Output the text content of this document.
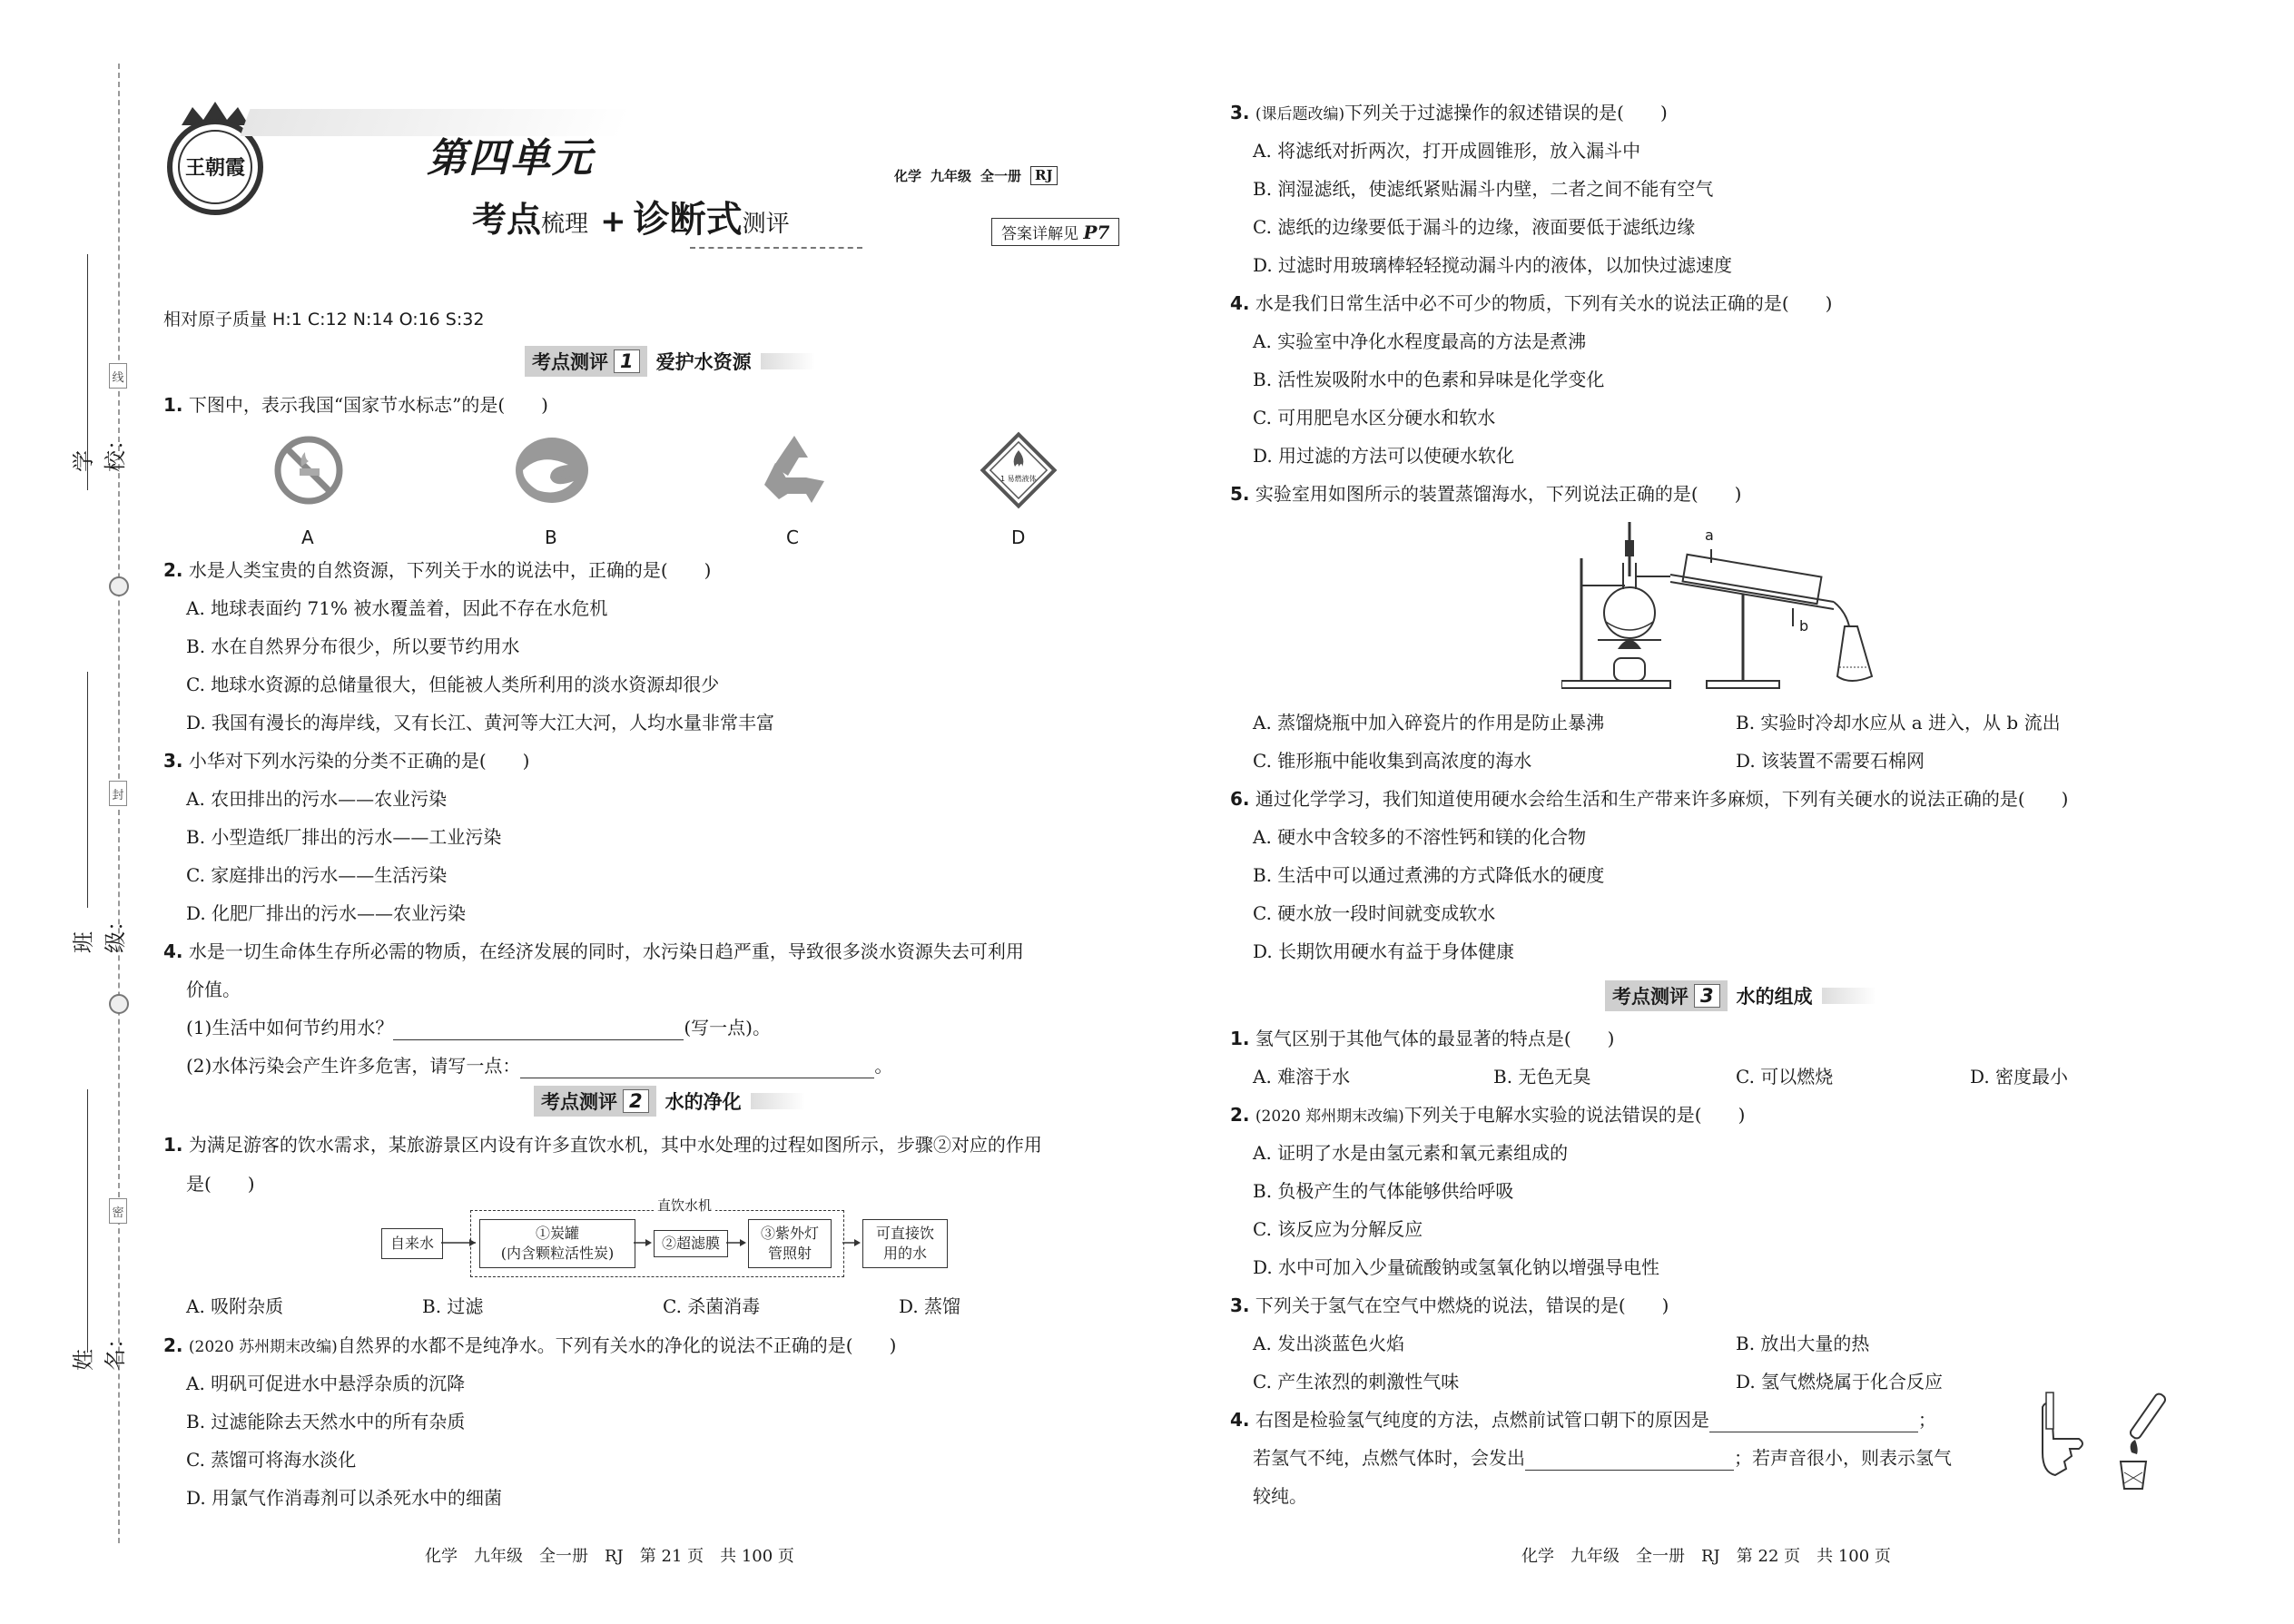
学校：
班级：
姓名：
线
封
密
王朝霞	第四单元
考点梳理 + 诊断式测评
化学 九年级 全一册	RJ
答案详解见 P7
相对原子质量 H:1 C:12 N:14 O:16 S:32
考点测评 1	爱护水资源
1. 下图中，表示我国“国家节水标志”的是(　　)
1 易燃液体
A	B	C	D
2. 水是人类宝贵的自然资源，下列关于水的说法中，正确的是(　　)
A. 地球表面约 71% 被水覆盖着，因此不存在水危机
B. 水在自然界分布很少，所以要节约用水
C. 地球水资源的总储量很大，但能被人类所利用的淡水资源却很少
D. 我国有漫长的海岸线，又有长江、黄河等大江大河，人均水量非常丰富
3. 小华对下列水污染的分类不正确的是(　　)
A. 农田排出的污水——农业污染
B. 小型造纸厂排出的污水——工业污染
C. 家庭排出的污水——生活污染
D. 化肥厂排出的污水——农业污染
4. 水是一切生命体生存所必需的物质，在经济发展的同时，水污染日趋严重，导致很多淡水资源失去可利用
价值。
(1)生活中如何节约用水？	(写一点)。
(2)水体污染会产生许多危害，请写一点：	。
考点测评 2	水的净化
1. 为满足游客的饮水需求，某旅游景区内设有许多直饮水机，其中水处理的过程如图所示，步骤②对应的作用
是(　　)
直饮水机
自来水
①炭罐
(内含颗粒活性炭)
②超滤膜
③紫外灯
管照射
可直接饮
用的水
A. 吸附杂质	B. 过滤	C. 杀菌消毒	D. 蒸馏
2. (2020 苏州期末改编)自然界的水都不是纯净水。下列有关水的净化的说法不正确的是(　　)
A. 明矾可促进水中悬浮杂质的沉降
B. 过滤能除去天然水中的所有杂质
C. 蒸馏可将海水淡化
D. 用氯气作消毒剂可以杀死水中的细菌
化学　九年级　全一册　RJ　第 21 页　共 100 页
3. (课后题改编)下列关于过滤操作的叙述错误的是(　　)
A. 将滤纸对折两次，打开成圆锥形，放入漏斗中
B. 润湿滤纸，使滤纸紧贴漏斗内壁，二者之间不能有空气
C. 滤纸的边缘要低于漏斗的边缘，液面要低于滤纸边缘
D. 过滤时用玻璃棒轻轻搅动漏斗内的液体，以加快过滤速度
4. 水是我们日常生活中必不可少的物质，下列有关水的说法正确的是(　　)
A. 实验室中净化水程度最高的方法是煮沸
B. 活性炭吸附水中的色素和异味是化学变化
C. 可用肥皂水区分硬水和软水
D. 用过滤的方法可以使硬水软化
5. 实验室用如图所示的装置蒸馏海水，下列说法正确的是(　　)
a
b
A. 蒸馏烧瓶中加入碎瓷片的作用是防止暴沸	B. 实验时冷却水应从 a 进入，从 b 流出
C. 锥形瓶中能收集到高浓度的海水	D. 该装置不需要石棉网
6. 通过化学学习，我们知道使用硬水会给生活和生产带来许多麻烦，下列有关硬水的说法正确的是(　　)
A. 硬水中含较多的不溶性钙和镁的化合物
B. 生活中可以通过煮沸的方式降低水的硬度
C. 硬水放一段时间就变成软水
D. 长期饮用硬水有益于身体健康
考点测评 3	水的组成
1. 氢气区别于其他气体的最显著的特点是(　　)
A. 难溶于水	B. 无色无臭	C. 可以燃烧	D. 密度最小
2. (2020 郑州期末改编)下列关于电解水实验的说法错误的是(　　)
A. 证明了水是由氢元素和氧元素组成的
B. 负极产生的气体能够供给呼吸
C. 该反应为分解反应
D. 水中可加入少量硫酸钠或氢氧化钠以增强导电性
3. 下列关于氢气在空气中燃烧的说法，错误的是(　　)
A. 发出淡蓝色火焰	B. 放出大量的热
C. 产生浓烈的刺激性气味	D. 氢气燃烧属于化合反应
4. 右图是检验氢气纯度的方法，点燃前试管口朝下的原因是	；
若氢气不纯，点燃气体时，会发出	；若声音很小，则表示氢气
较纯。
化学　九年级　全一册　RJ　第 22 页　共 100 页
